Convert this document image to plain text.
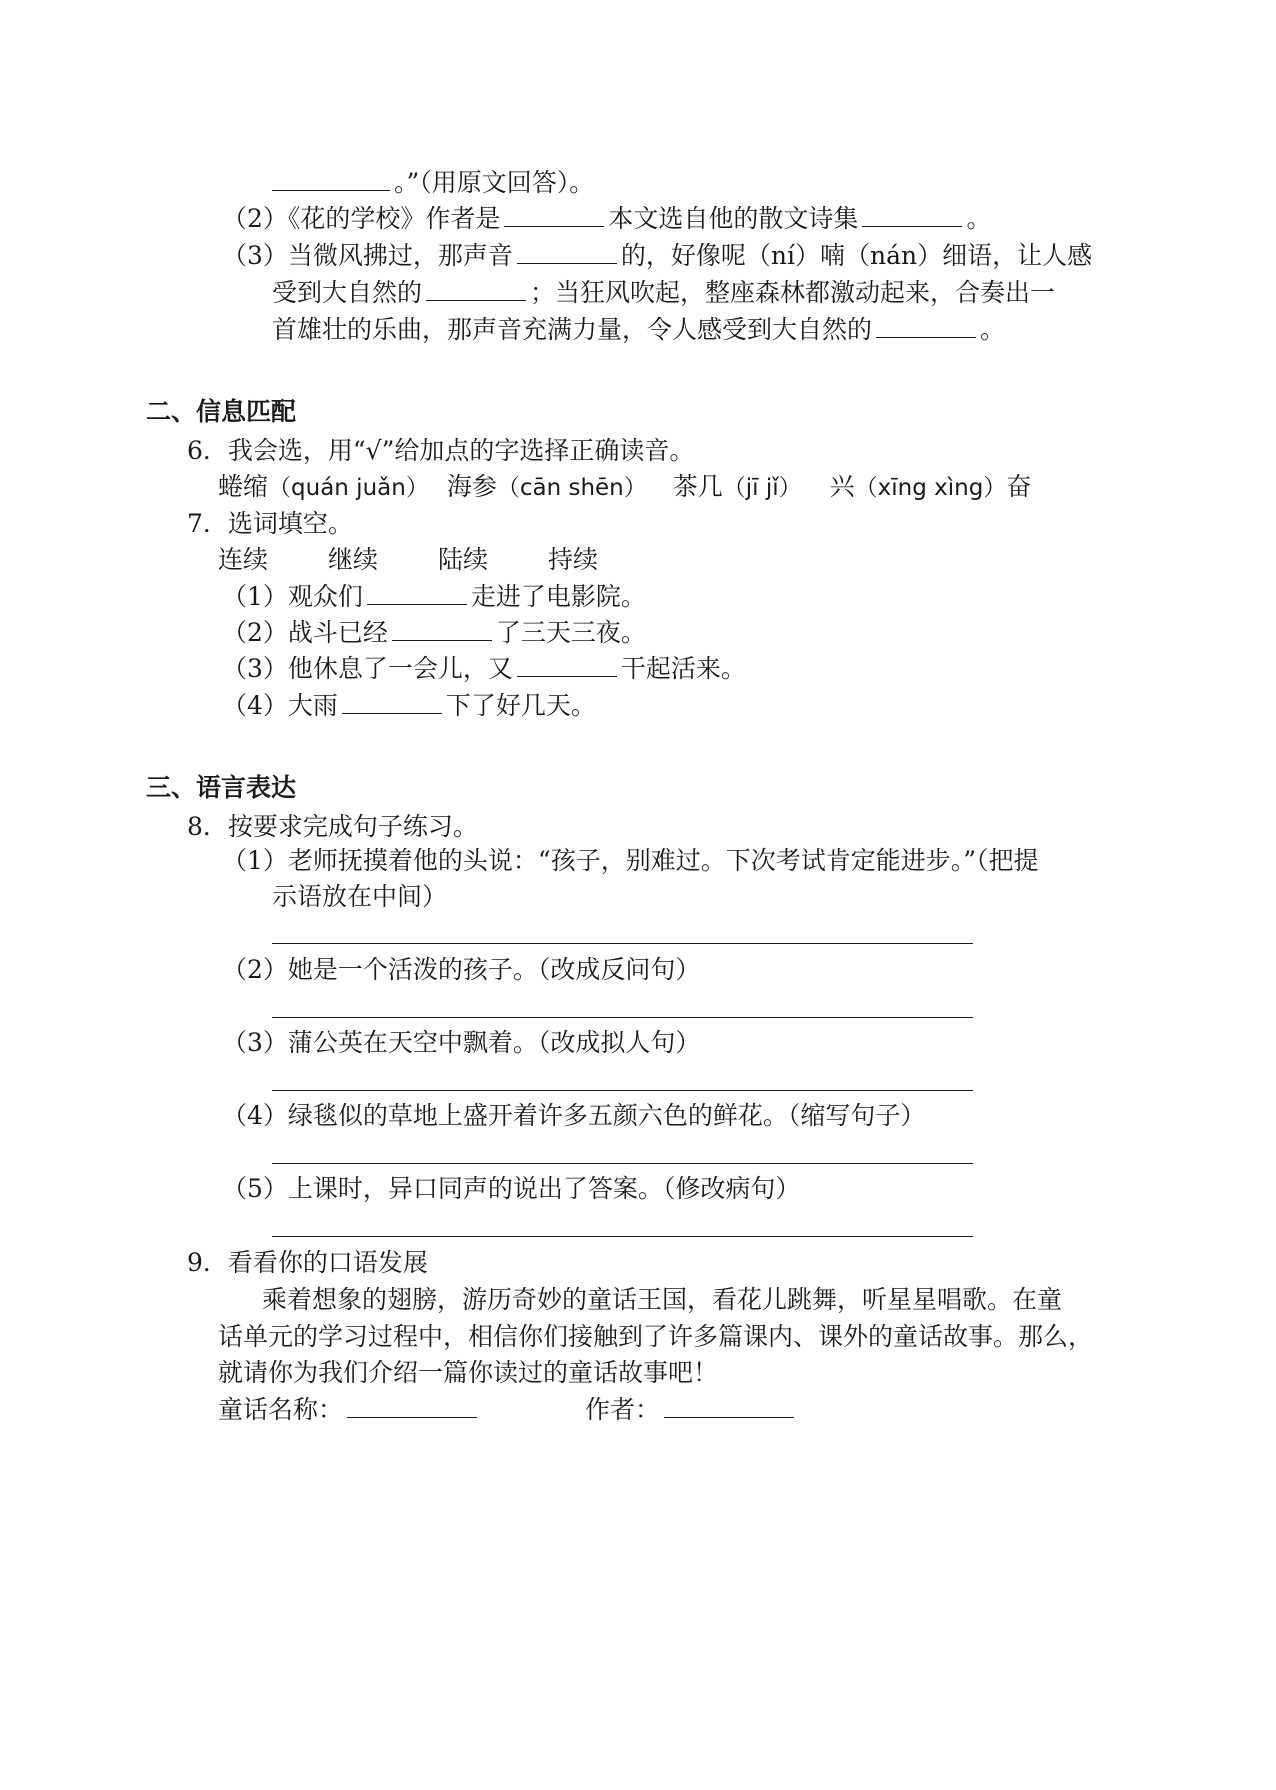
。”（用原文回答）。
（2）《花的学校》作者是	本文选自他的散文诗集	。
（3）当微风拂过，那声音	的，好像呢（ní）喃（nán）细语，让人感
受到大自然的	；当狂风吹起，整座森林都激动起来，合奏出一
首雄壮的乐曲，那声音充满力量，令人感受到大自然的	。
二、信息匹配
6．我会选，用“√”给加点的字选择正确读音。
蜷缩（quán juǎn） 海参（cān shēn） 茶几（jī jǐ） 兴（xīng xìng）奋
7．选词填空。
连续 继续 陆续 持续
（1）观众们	走进了电影院。
（2）战斗已经	了三天三夜。
（3）他休息了一会儿，又	干起活来。
（4）大雨	下了好几天。
三、语言表达
8．按要求完成句子练习。
（1）老师抚摸着他的头说：“孩子，别难过。下次考试肯定能进步。”（把提
示语放在中间）
（2）她是一个活泼的孩子。（改成反问句）
（3）蒲公英在天空中飘着。（改成拟人句）
（4）绿毯似的草地上盛开着许多五颜六色的鲜花。（缩写句子）
（5）上课时，异口同声的说出了答案。（修改病句）
9．看看你的口语发展
乘着想象的翅膀，游历奇妙的童话王国，看花儿跳舞，听星星唱歌。在童
话单元的学习过程中，相信你们接触到了许多篇课内、课外的童话故事。那么，
就请你为我们介绍一篇你读过的童话故事吧！
童话名称：	作者：
